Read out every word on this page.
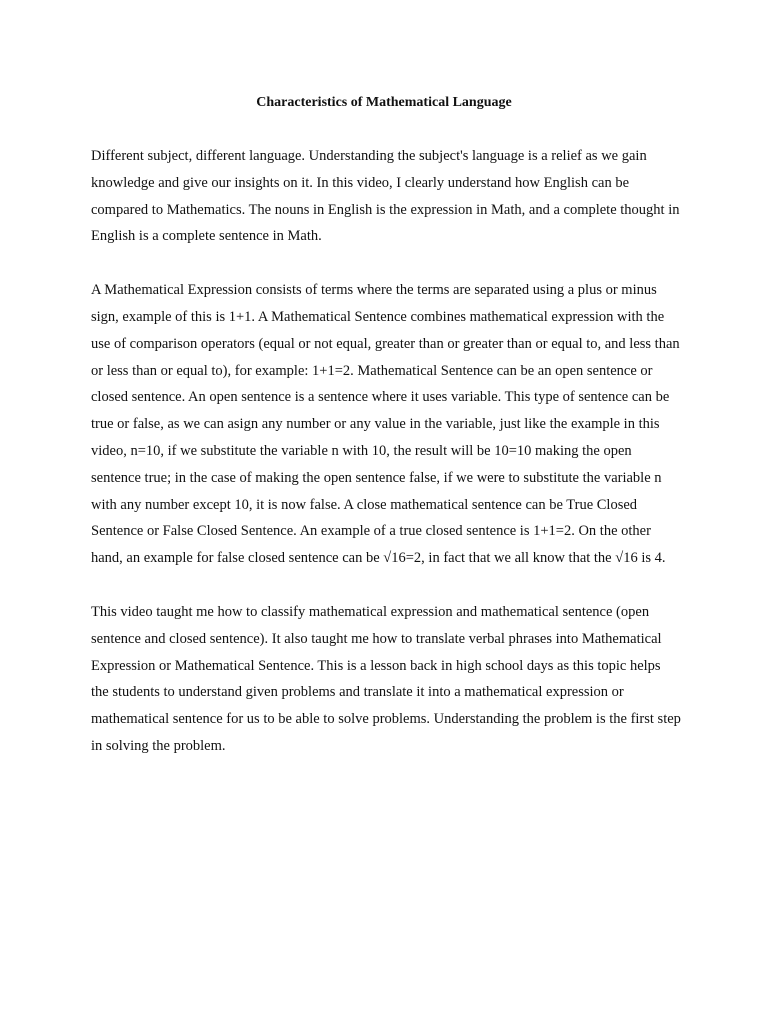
Characteristics of Mathematical Language

Different subject, different language. Understanding the subject's language is a relief as we gain knowledge and give our insights on it. In this video, I clearly understand how English can be compared to Mathematics. The nouns in English is the expression in Math, and a complete thought in English is a complete sentence in Math.

A Mathematical Expression consists of terms where the terms are separated using a plus or minus sign, example of this is 1+1. A Mathematical Sentence combines mathematical expression with the use of comparison operators (equal or not equal, greater than or greater than or equal to, and less than or less than or equal to), for example: 1+1=2. Mathematical Sentence can be an open sentence or closed sentence. An open sentence is a sentence where it uses variable. This type of sentence can be true or false, as we can asign any number or any value in the variable, just like the example in this video, n=10, if we substitute the variable n with 10, the result will be 10=10 making the open sentence true; in the case of making the open sentence false, if we were to substitute the variable n with any number except 10, it is now false. A close mathematical sentence can be True Closed Sentence or False Closed Sentence. An example of a true closed sentence is 1+1=2. On the other hand, an example for false closed sentence can be √16=2, in fact that we all know that the √16 is 4.

This video taught me how to classify mathematical expression and mathematical sentence (open sentence and closed sentence). It also taught me how to translate verbal phrases into Mathematical Expression or Mathematical Sentence. This is a lesson back in high school days as this topic helps the students to understand given problems and translate it into a mathematical expression or mathematical sentence for us to be able to solve problems. Understanding the problem is the first step in solving the problem.
